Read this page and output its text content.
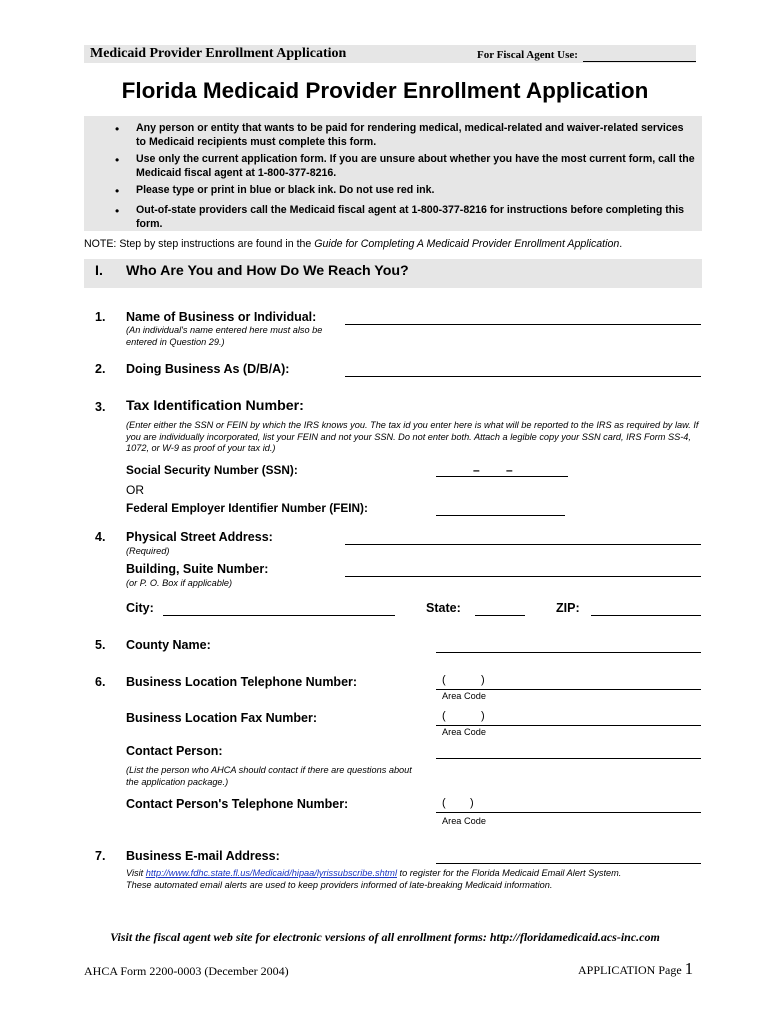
Medicaid Provider Enrollment Application	For Fiscal Agent Use:
Florida Medicaid Provider Enrollment Application
• Any person or entity that wants to be paid for rendering medical, medical-related and waiver-related services to Medicaid recipients must complete this form.
• Use only the current application form. If you are unsure about whether you have the most current form, call the Medicaid fiscal agent at 1-800-377-8216.
• Please type or print in blue or black ink. Do not use red ink.
• Out-of-state providers call the Medicaid fiscal agent at 1-800-377-8216 for instructions before completing this form.
NOTE: Step by step instructions are found in the Guide for Completing A Medicaid Provider Enrollment Application.
I. Who Are You and How Do We Reach You?
1. Name of Business or Individual:
(An individual's name entered here must also be entered in Question 29.)
2. Doing Business As (D/B/A):
3. Tax Identification Number:
(Enter either the SSN or FEIN by which the IRS knows you. The tax id you enter here is what will be reported to the IRS as required by law. If you are individually incorporated, list your FEIN and not your SSN. Do not enter both. Attach a legible copy your SSN card, IRS Form SS-4, 1072, or W-9 as proof of your tax id.)
Social Security Number (SSN):	– –
OR
Federal Employer Identifier Number (FEIN):
4. Physical Street Address:
(Required)
Building, Suite Number:
(or P. O. Box if applicable)
City:	State:	ZIP:
5. County Name:
6. Business Location Telephone Number:	(	)
Area Code
Business Location Fax Number:	(	)
Area Code
Contact Person:
(List the person who AHCA should contact if there are questions about the application package.)
Contact Person's Telephone Number:	( )
Area Code
7. Business E-mail Address:
Visit http://www.fdhc.state.fl.us/Medicaid/hipaa/lyrissubscribe.shtml to register for the Florida Medicaid Email Alert System.
These automated email alerts are used to keep providers informed of late-breaking Medicaid information.
Visit the fiscal agent web site for electronic versions of all enrollment forms: http://floridamedicaid.acs-inc.com
AHCA Form 2200-0003 (December 2004)	APPLICATION Page 1
